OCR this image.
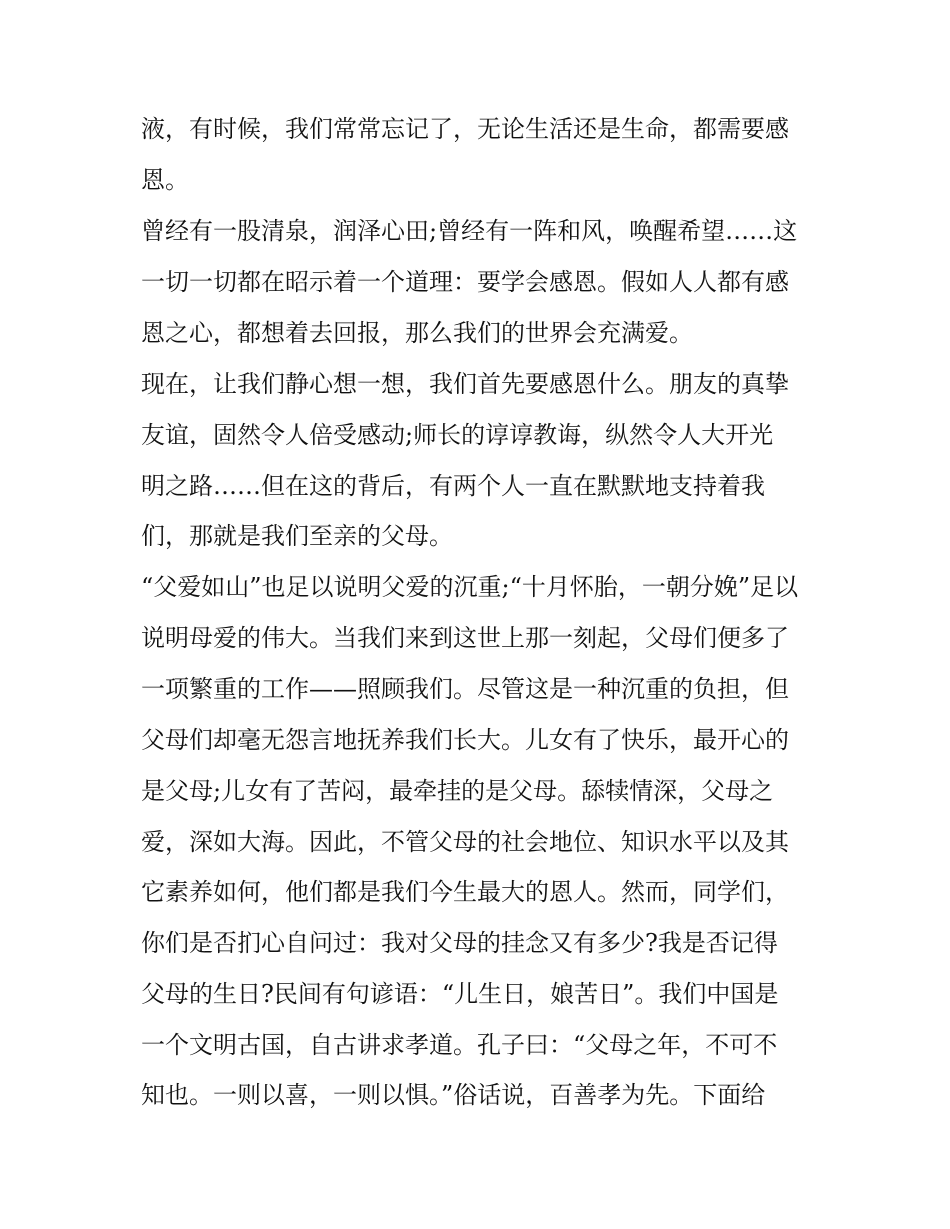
液，有时候，我们常常忘记了，无论生活还是生命，都需要感
恩。
曾经有一股清泉，润泽心田;曾经有一阵和风，唤醒希望……这
一切一切都在昭示着一个道理：要学会感恩。假如人人都有感
恩之心，都想着去回报，那么我们的世界会充满爱。
现在，让我们静心想一想，我们首先要感恩什么。朋友的真挚
友谊，固然令人倍受感动;师长的谆谆教诲，纵然令人大开光
明之路……但在这的背后，有两个人一直在默默地支持着我
们，那就是我们至亲的父母。
“父爱如山”也足以说明父爱的沉重;“十月怀胎，一朝分娩”足以
说明母爱的伟大。当我们来到这世上那一刻起，父母们便多了
一项繁重的工作——照顾我们。尽管这是一种沉重的负担，但
父母们却毫无怨言地抚养我们长大。儿女有了快乐，最开心的
是父母;儿女有了苦闷，最牵挂的是父母。舔犊情深，父母之
爱，深如大海。因此，不管父母的社会地位、知识水平以及其
它素养如何，他们都是我们今生最大的恩人。然而，同学们，
你们是否扪心自问过：我对父母的挂念又有多少?我是否记得
父母的生日?民间有句谚语：“儿生日，娘苦日”。我们中国是
一个文明古国，自古讲求孝道。孔子曰：“父母之年，不可不
知也。一则以喜，一则以惧。”俗话说，百善孝为先。下面给
